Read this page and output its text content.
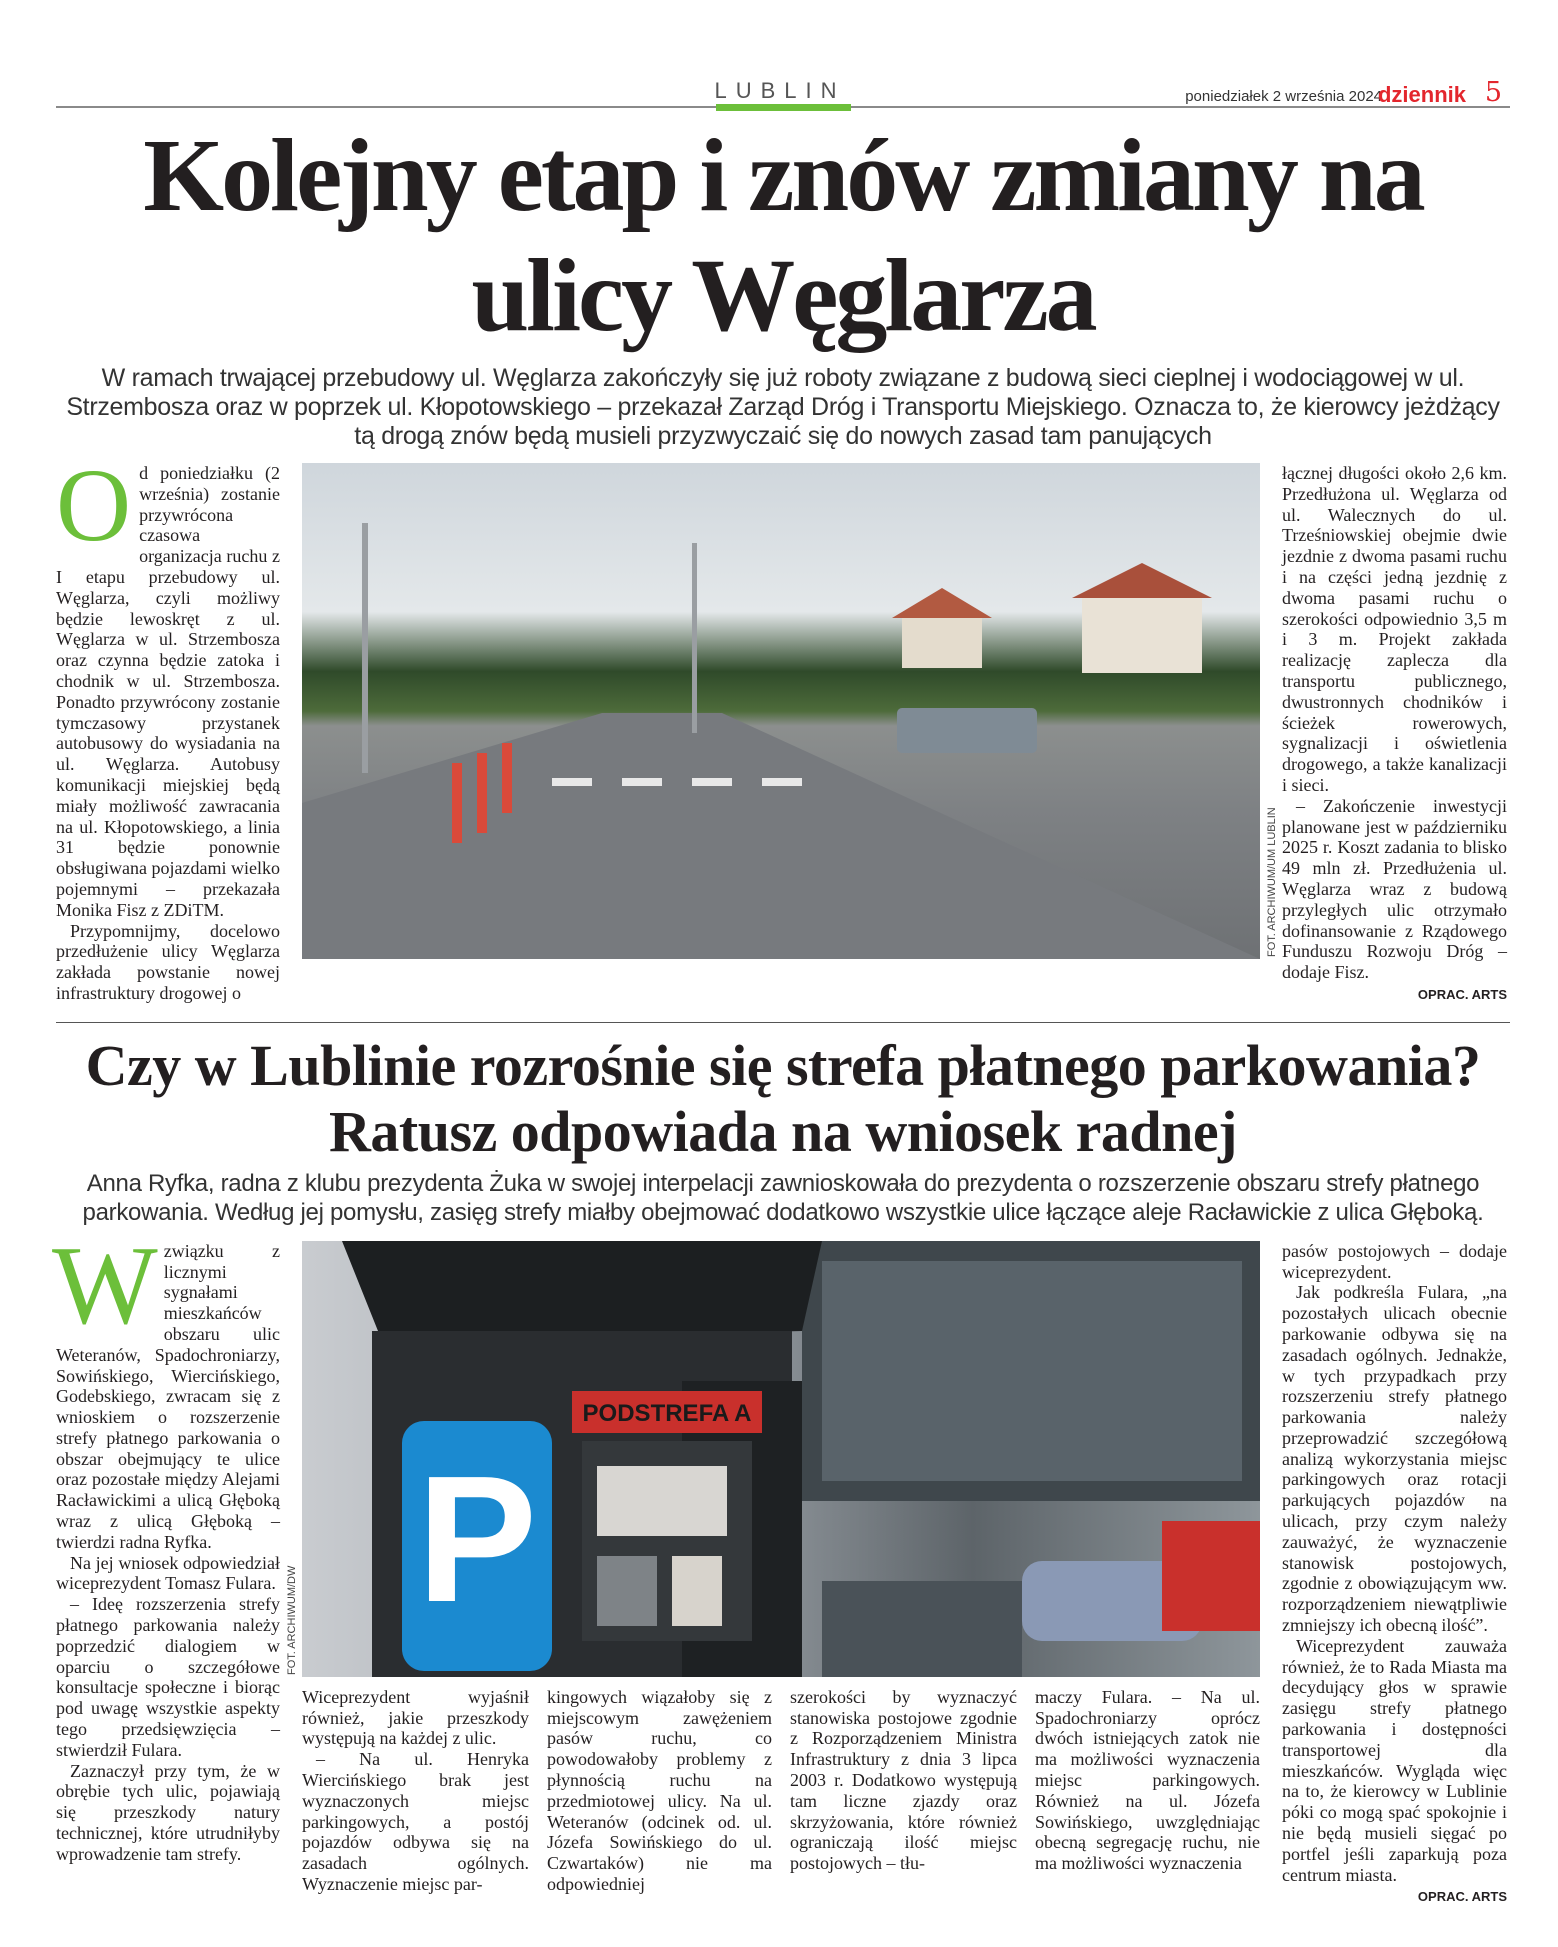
LUBLIN	poniedziałek 2 września 2024
dziennik 5
Kolejny etap i znów zmiany na ulicy Węglarza
W ramach trwającej przebudowy ul. Węglarza zakończyły się już roboty związane z budową sieci cieplnej i wodociągowej w ul. Strzembosza oraz w poprzek ul. Kłopotowskiego – przekazał Zarząd Dróg i Transportu Miejskiego. Oznacza to, że kierowcy jeżdżący tą drogą znów będą musieli przyzwyczaić się do nowych zasad tam panujących

Od poniedziałku (2 września) zostanie przywrócona czasowa organizacja ruchu z I etapu przebudowy ul. Węglarza, czyli możliwy będzie lewoskręt z ul. Węglarza w ul. Strzembosza oraz czynna będzie zatoka i chodnik w ul. Strzembosza. Ponadto przywrócony zostanie tymczasowy przystanek autobusowy do wysiadania na ul. Węglarza. Autobusy komunikacji miejskiej będą miały możliwość zawracania na ul. Kłopotowskiego, a linia 31 będzie ponownie obsługiwana pojazdami wielko pojemnymi – przekazała Monika Fisz z ZDiTM.

Przypomnijmy, docelowo przedłużenie ulicy Węglarza zakłada powstanie nowej infrastruktury drogowej o

FOT. ARCHIWUM/UM LUBLIN

łącznej długości około 2,6 km. Przedłużona ul. Węglarza od ul. Walecznych do ul. Trześniowskiej obejmie dwie jezdnie z dwoma pasami ruchu i na części jedną jezdnię z dwoma pasami ruchu o szerokości odpowiednio 3,5 m i 3 m. Projekt zakłada realizację zaplecza dla transportu publicznego, dwustronnych chodników i ścieżek rowerowych, sygnalizacji i oświetlenia drogowego, a także kanalizacji i sieci.

– Zakończenie inwestycji planowane jest w październiku 2025 r. Koszt zadania to blisko 49 mln zł. Przedłużenia ul. Węglarza wraz z budową przyległych ulic otrzymało dofinansowanie z Rządowego Funduszu Rozwoju Dróg – dodaje Fisz.

OPRAC. ARTS
Czy w Lublinie rozrośnie się strefa płatnego parkowania? Ratusz odpowiada na wniosek radnej
Anna Ryfka, radna z klubu prezydenta Żuka w swojej interpelacji zawnioskowała do prezydenta o rozszerzenie obszaru strefy płatnego parkowania. Według jej pomysłu, zasięg strefy miałby obejmować dodatkowo wszystkie ulice łączące aleje Racławickie z ulica Głęboką.

Wzwiązku z licznymi sygnałami mieszkańców obszaru ulic Weteranów, Spadochroniarzy, Sowińskiego, Wiercińskiego, Godebskiego, zwracam się z wnioskiem o rozszerzenie strefy płatnego parkowania o obszar obejmujący te ulice oraz pozostałe między Alejami Racławickimi a ulicą Głęboką wraz z ulicą Głęboką – twierdzi radna Ryfka.

Na jej wniosek odpowiedział wiceprezydent Tomasz Fulara.

– Ideę rozszerzenia strefy płatnego parkowania należy poprzedzić dialogiem w oparciu o szczegółowe konsultacje społeczne i biorąc pod uwagę wszystkie aspekty tego przedsięwzięcia – stwierdził Fulara.

Zaznaczył przy tym, że w obrębie tych ulic, pojawiają się przeszkody natury technicznej, które utrudniłyby wprowadzenie tam strefy.

P
PODSTREFA A
FOT. ARCHIWUM/DW

Wiceprezydent wyjaśnił również, jakie przeszkody występują na każdej z ulic.

– Na ul. Henryka Wiercińskiego brak jest wyznaczonych miejsc parkingowych, a postój pojazdów odbywa się na zasadach ogólnych. Wyznaczenie miejsc par-

kingowych wiązałoby się z miejscowym zawężeniem pasów ruchu, co powodowałoby problemy z płynnością ruchu na przedmiotowej ulicy. Na ul. Weteranów (odcinek od. ul. Józefa Sowińskiego do ul. Czwartaków) nie ma odpowiedniej

szerokości by wyznaczyć stanowiska postojowe zgodnie z Rozporządzeniem Ministra Infrastruktury z dnia 3 lipca 2003 r. Dodatkowo występują tam liczne zjazdy oraz skrzyżowania, które również ograniczają ilość miejsc postojowych – tłu-

maczy Fulara. – Na ul. Spadochroniarzy oprócz dwóch istniejących zatok nie ma możliwości wyznaczenia miejsc parkingowych. Również na ul. Józefa Sowińskiego, uwzględniając obecną segregację ruchu, nie ma możliwości wyznaczenia

pasów postojowych – dodaje wiceprezydent.

Jak podkreśla Fulara, „na pozostałych ulicach obecnie parkowanie odbywa się na zasadach ogólnych. Jednakże, w tych przypadkach przy rozszerzeniu strefy płatnego parkowania należy przeprowadzić szczegółową analizą wykorzystania miejsc parkingowych oraz rotacji parkujących pojazdów na ulicach, przy czym należy zauważyć, że wyznaczenie stanowisk postojowych, zgodnie z obowiązującym ww. rozporządzeniem niewątpliwie zmniejszy ich obecną ilość”.

Wiceprezydent zauważa również, że to Rada Miasta ma decydujący głos w sprawie zasięgu strefy płatnego parkowania i dostępności transportowej dla mieszkańców. Wygląda więc na to, że kierowcy w Lublinie póki co mogą spać spokojnie i nie będą musieli sięgać po portfel jeśli zaparkują poza centrum miasta.

OPRAC. ARTS
